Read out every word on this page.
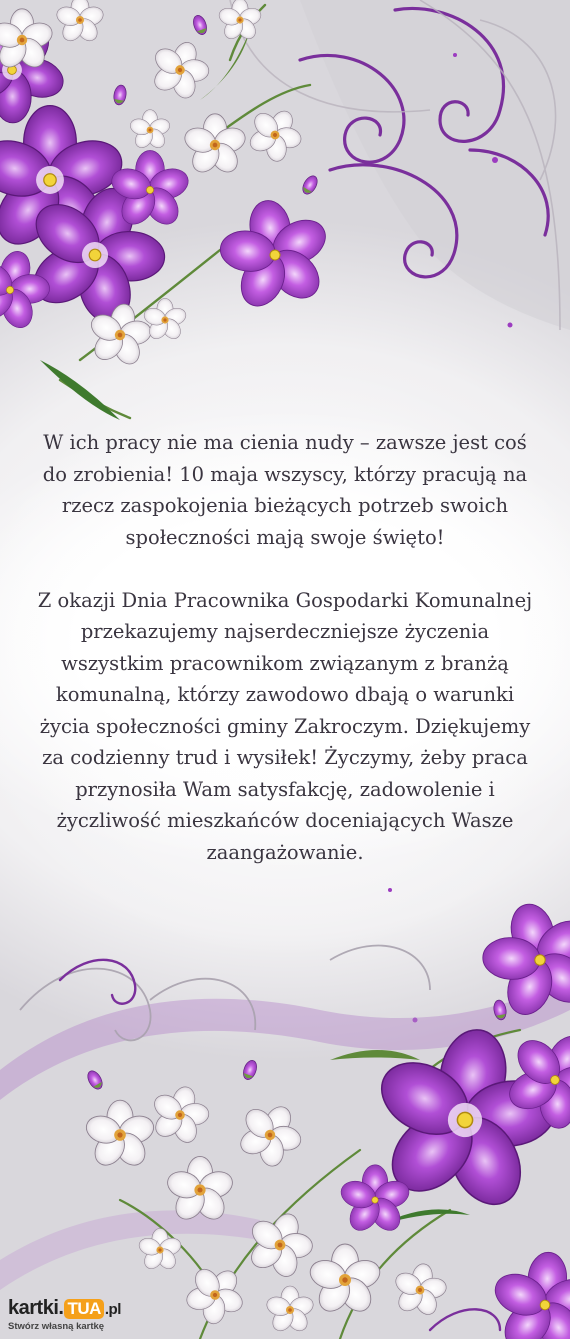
W ich pracy nie ma cienia nudy – zawsze jest coś do zrobienia! 10 maja wszyscy, którzy pracują na rzecz zaspokojenia bieżących potrzeb swoich społeczności mają swoje święto!

Z okazji Dnia Pracownika Gospodarki Komunalnej przekazujemy najserdeczniejsze życzenia wszystkim pracownikom związanym z branżą komunalną, którzy zawodowo dbają o warunki życia społeczności gminy Zakroczym. Dziękujemy za codzienny trud i wysiłek! Życzymy, żeby praca przynosiła Wam satysfakcję, zadowolenie i życzliwość mieszkańców doceniających Wasze zaangażowanie.

kartki. TUA .pl
Stwórz własną kartkę
